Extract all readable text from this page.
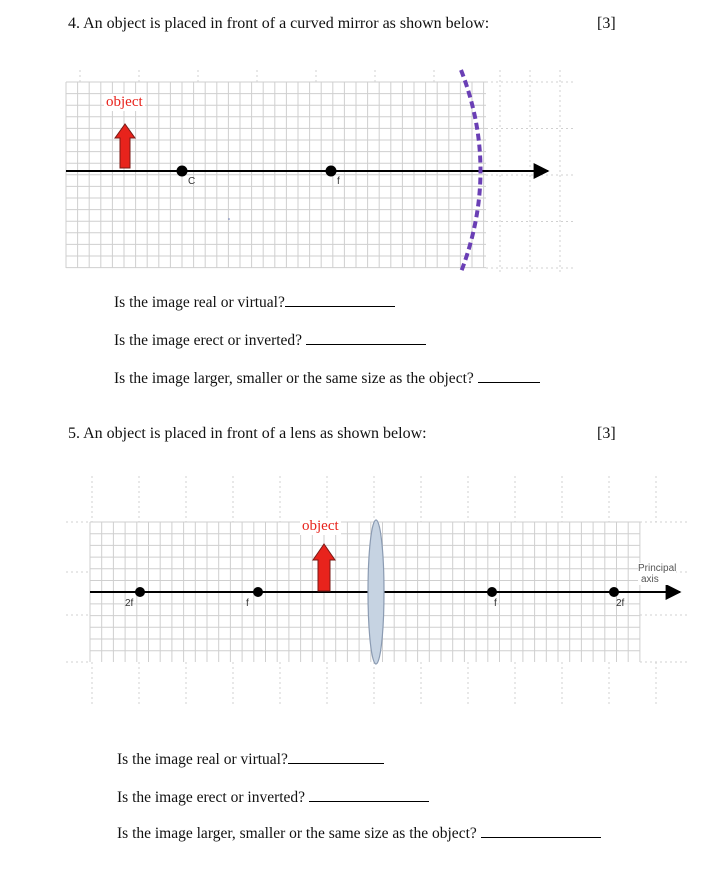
4. An object is placed in front of a curved mirror as shown below:	[3]
object
C	f
Is the image real or virtual?
Is the image erect or inverted?
Is the image larger, smaller or the same size as the object?
5. An object is placed in front of a lens as shown below:	[3]
object
2f	f	f	2f
Principal
axis
Is the image real or virtual?
Is the image erect or inverted?
Is the image larger, smaller or the same size as the object?
